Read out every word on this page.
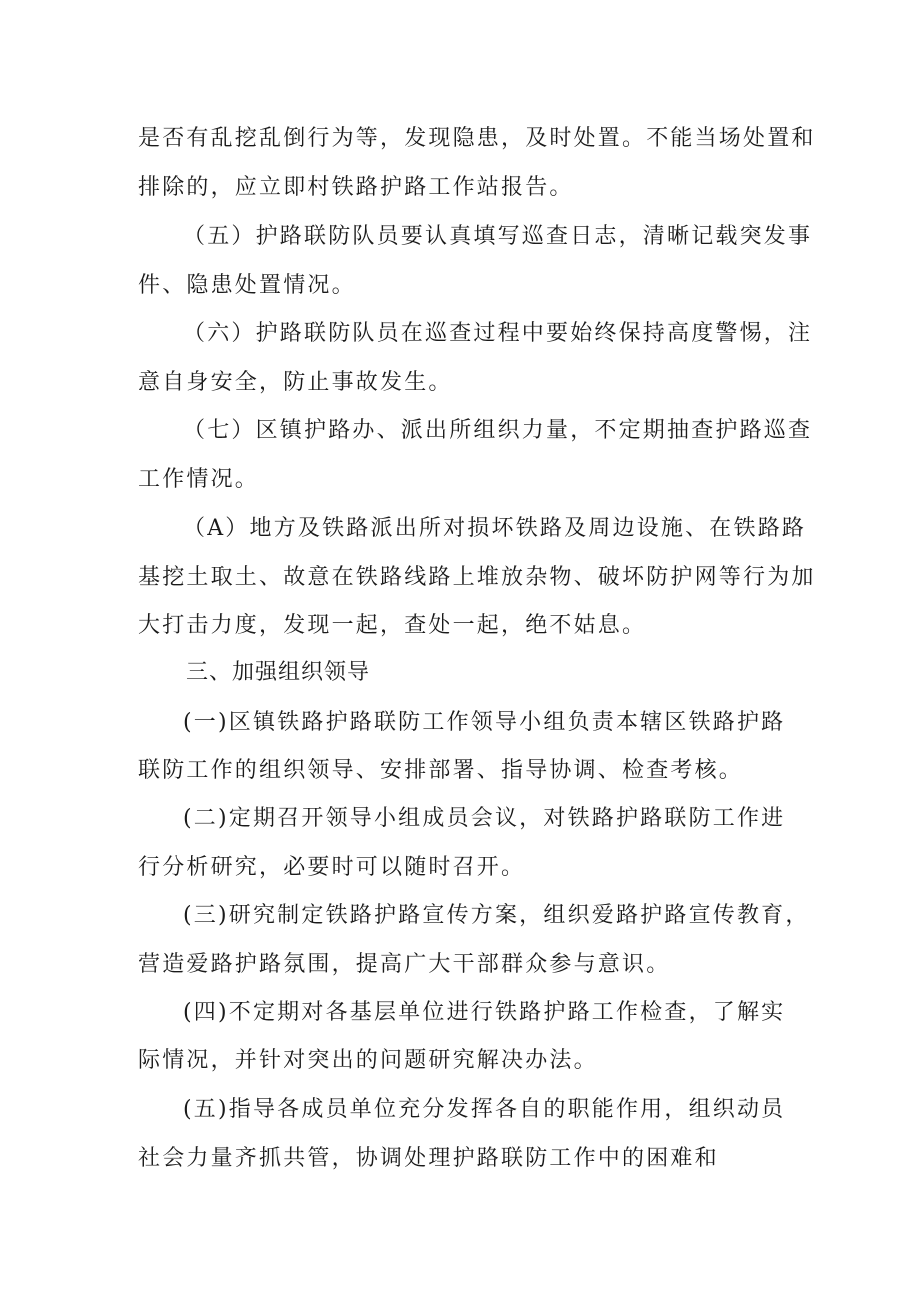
是否有乱挖乱倒行为等，发现隐患，及时处置。不能当场处置和
排除的，应立即村铁路护路工作站报告。
（五）护路联防队员要认真填写巡查日志，清晰记载突发事
件、隐患处置情况。
（六）护路联防队员在巡查过程中要始终保持高度警惕，注
意自身安全，防止事故发生。
（七）区镇护路办、派出所组织力量，不定期抽查护路巡查
工作情况。
（A）地方及铁路派出所对损坏铁路及周边设施、在铁路路
基挖土取土、故意在铁路线路上堆放杂物、破坏防护网等行为加
大打击力度，发现一起，查处一起，绝不姑息。
三、加强组织领导
(一)区镇铁路护路联防工作领导小组负责本辖区铁路护路
联防工作的组织领导、安排部署、指导协调、检查考核。
(二)定期召开领导小组成员会议，对铁路护路联防工作进
行分析研究，必要时可以随时召开。
(三)研究制定铁路护路宣传方案，组织爱路护路宣传教育，
营造爱路护路氛围，提高广大干部群众参与意识。
(四)不定期对各基层单位进行铁路护路工作检查，了解实
际情况，并针对突出的问题研究解决办法。
(五)指导各成员单位充分发挥各自的职能作用，组织动员
社会力量齐抓共管，协调处理护路联防工作中的困难和
